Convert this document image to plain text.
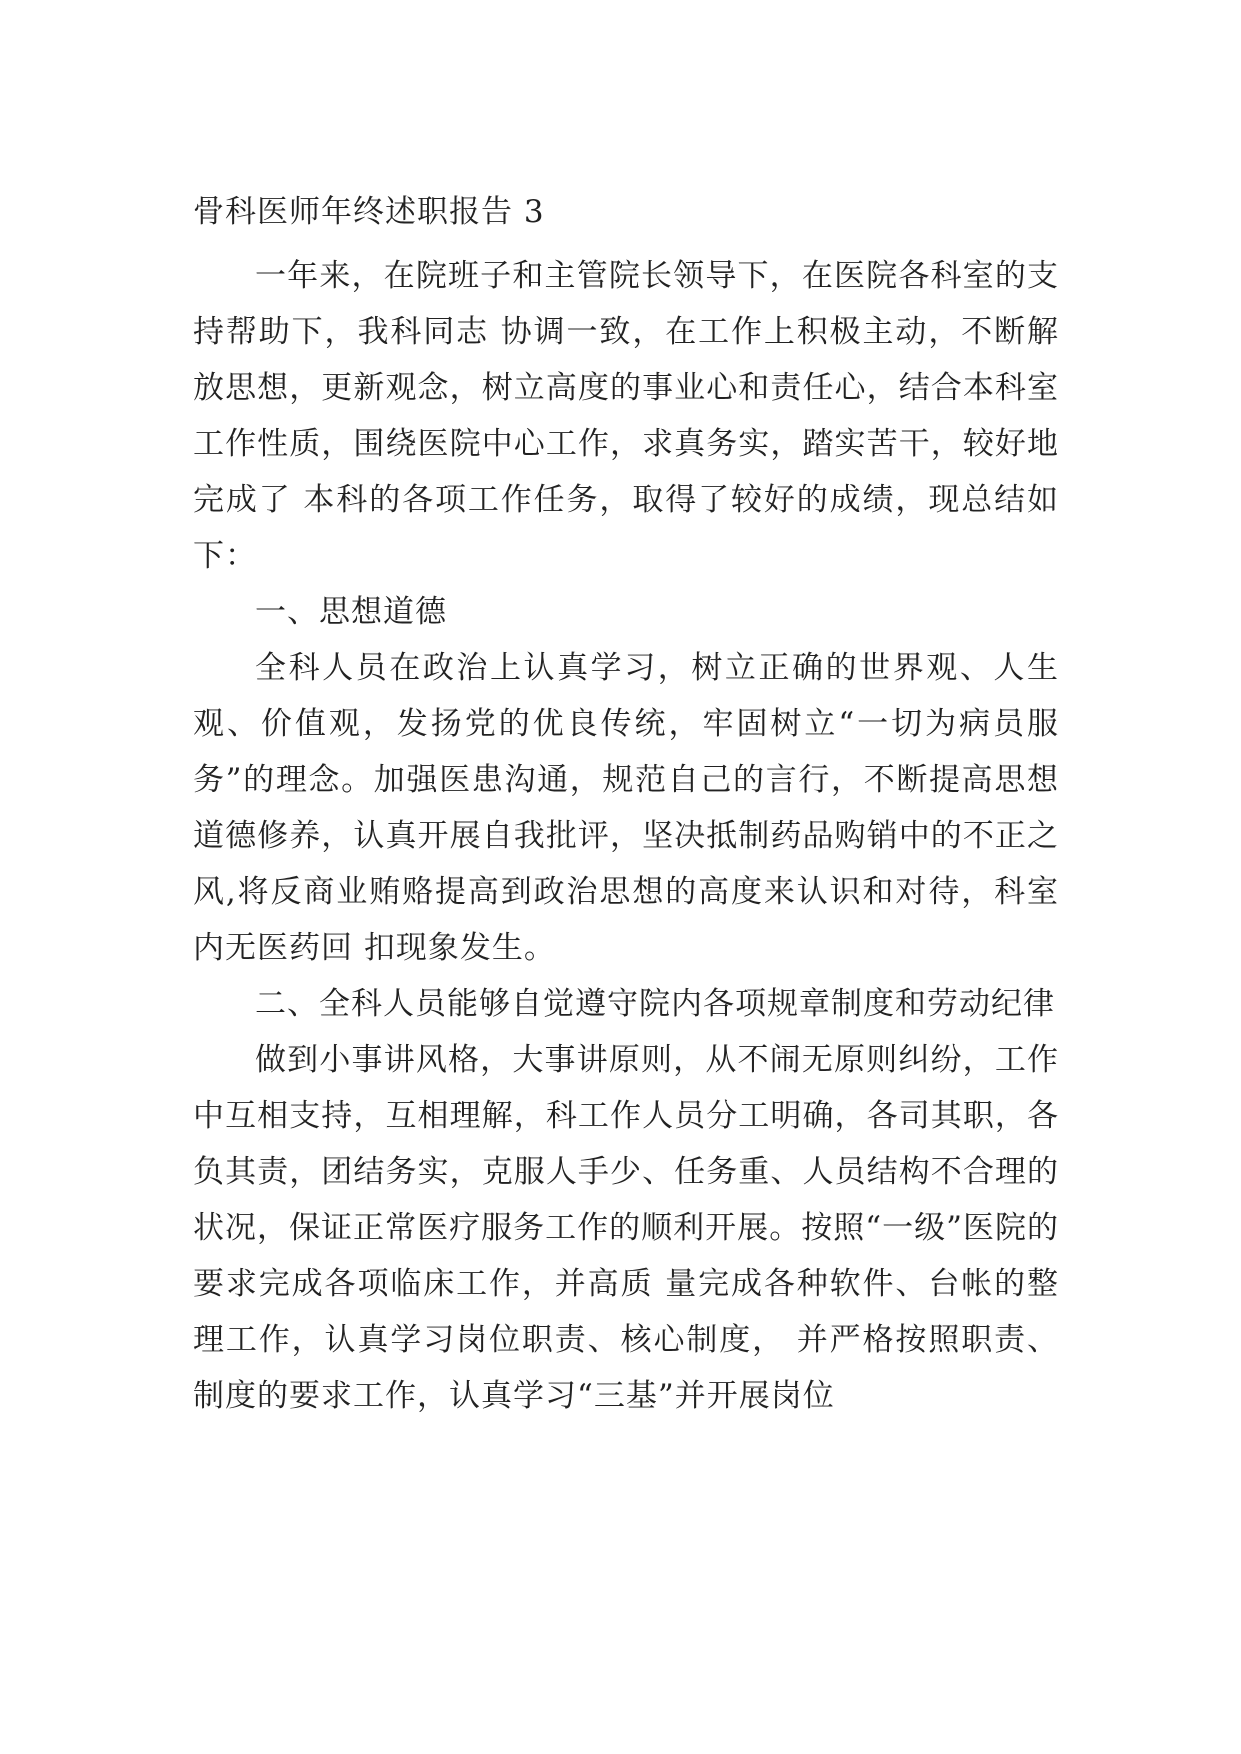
骨科医师年终述职报告 3

一年来，在院班子和主管院长领导下，在医院各科室的支持帮助下，我科同志 协调一致，在工作上积极主动，不断解放思想，更新观念，树立高度的事业心和责任心，结合本科室工作性质，围绕医院中心工作，求真务实，踏实苦干，较好地完成了 本科的各项工作任务，取得了较好的成绩，现总结如下：

一、思想道德

全科人员在政治上认真学习，树立正确的世界观、人生观、价值观，发扬党的优良传统，牢固树立“一切为病员服务”的理念。加强医患沟通，规范自己的言行，不断提高思想道德修养，认真开展自我批评，坚决抵制药品购销中的不正之风,将反商业贿赂提高到政治思想的高度来认识和对待，科室内无医药回 扣现象发生。

二、全科人员能够自觉遵守院内各项规章制度和劳动纪律

做到小事讲风格，大事讲原则，从不闹无原则纠纷，工作中互相支持，互相理解，科工作人员分工明确，各司其职，各负其责，团结务实，克服人手少、任务重、人员结构不合理的状况，保证正常医疗服务工作的顺利开展。按照“一级”医院的要求完成各项临床工作，并高质 量完成各种软件、台帐的整理工作，认真学习岗位职责、核心制度， 并严格按照职责、制度的要求工作，认真学习“三基”并开展岗位
